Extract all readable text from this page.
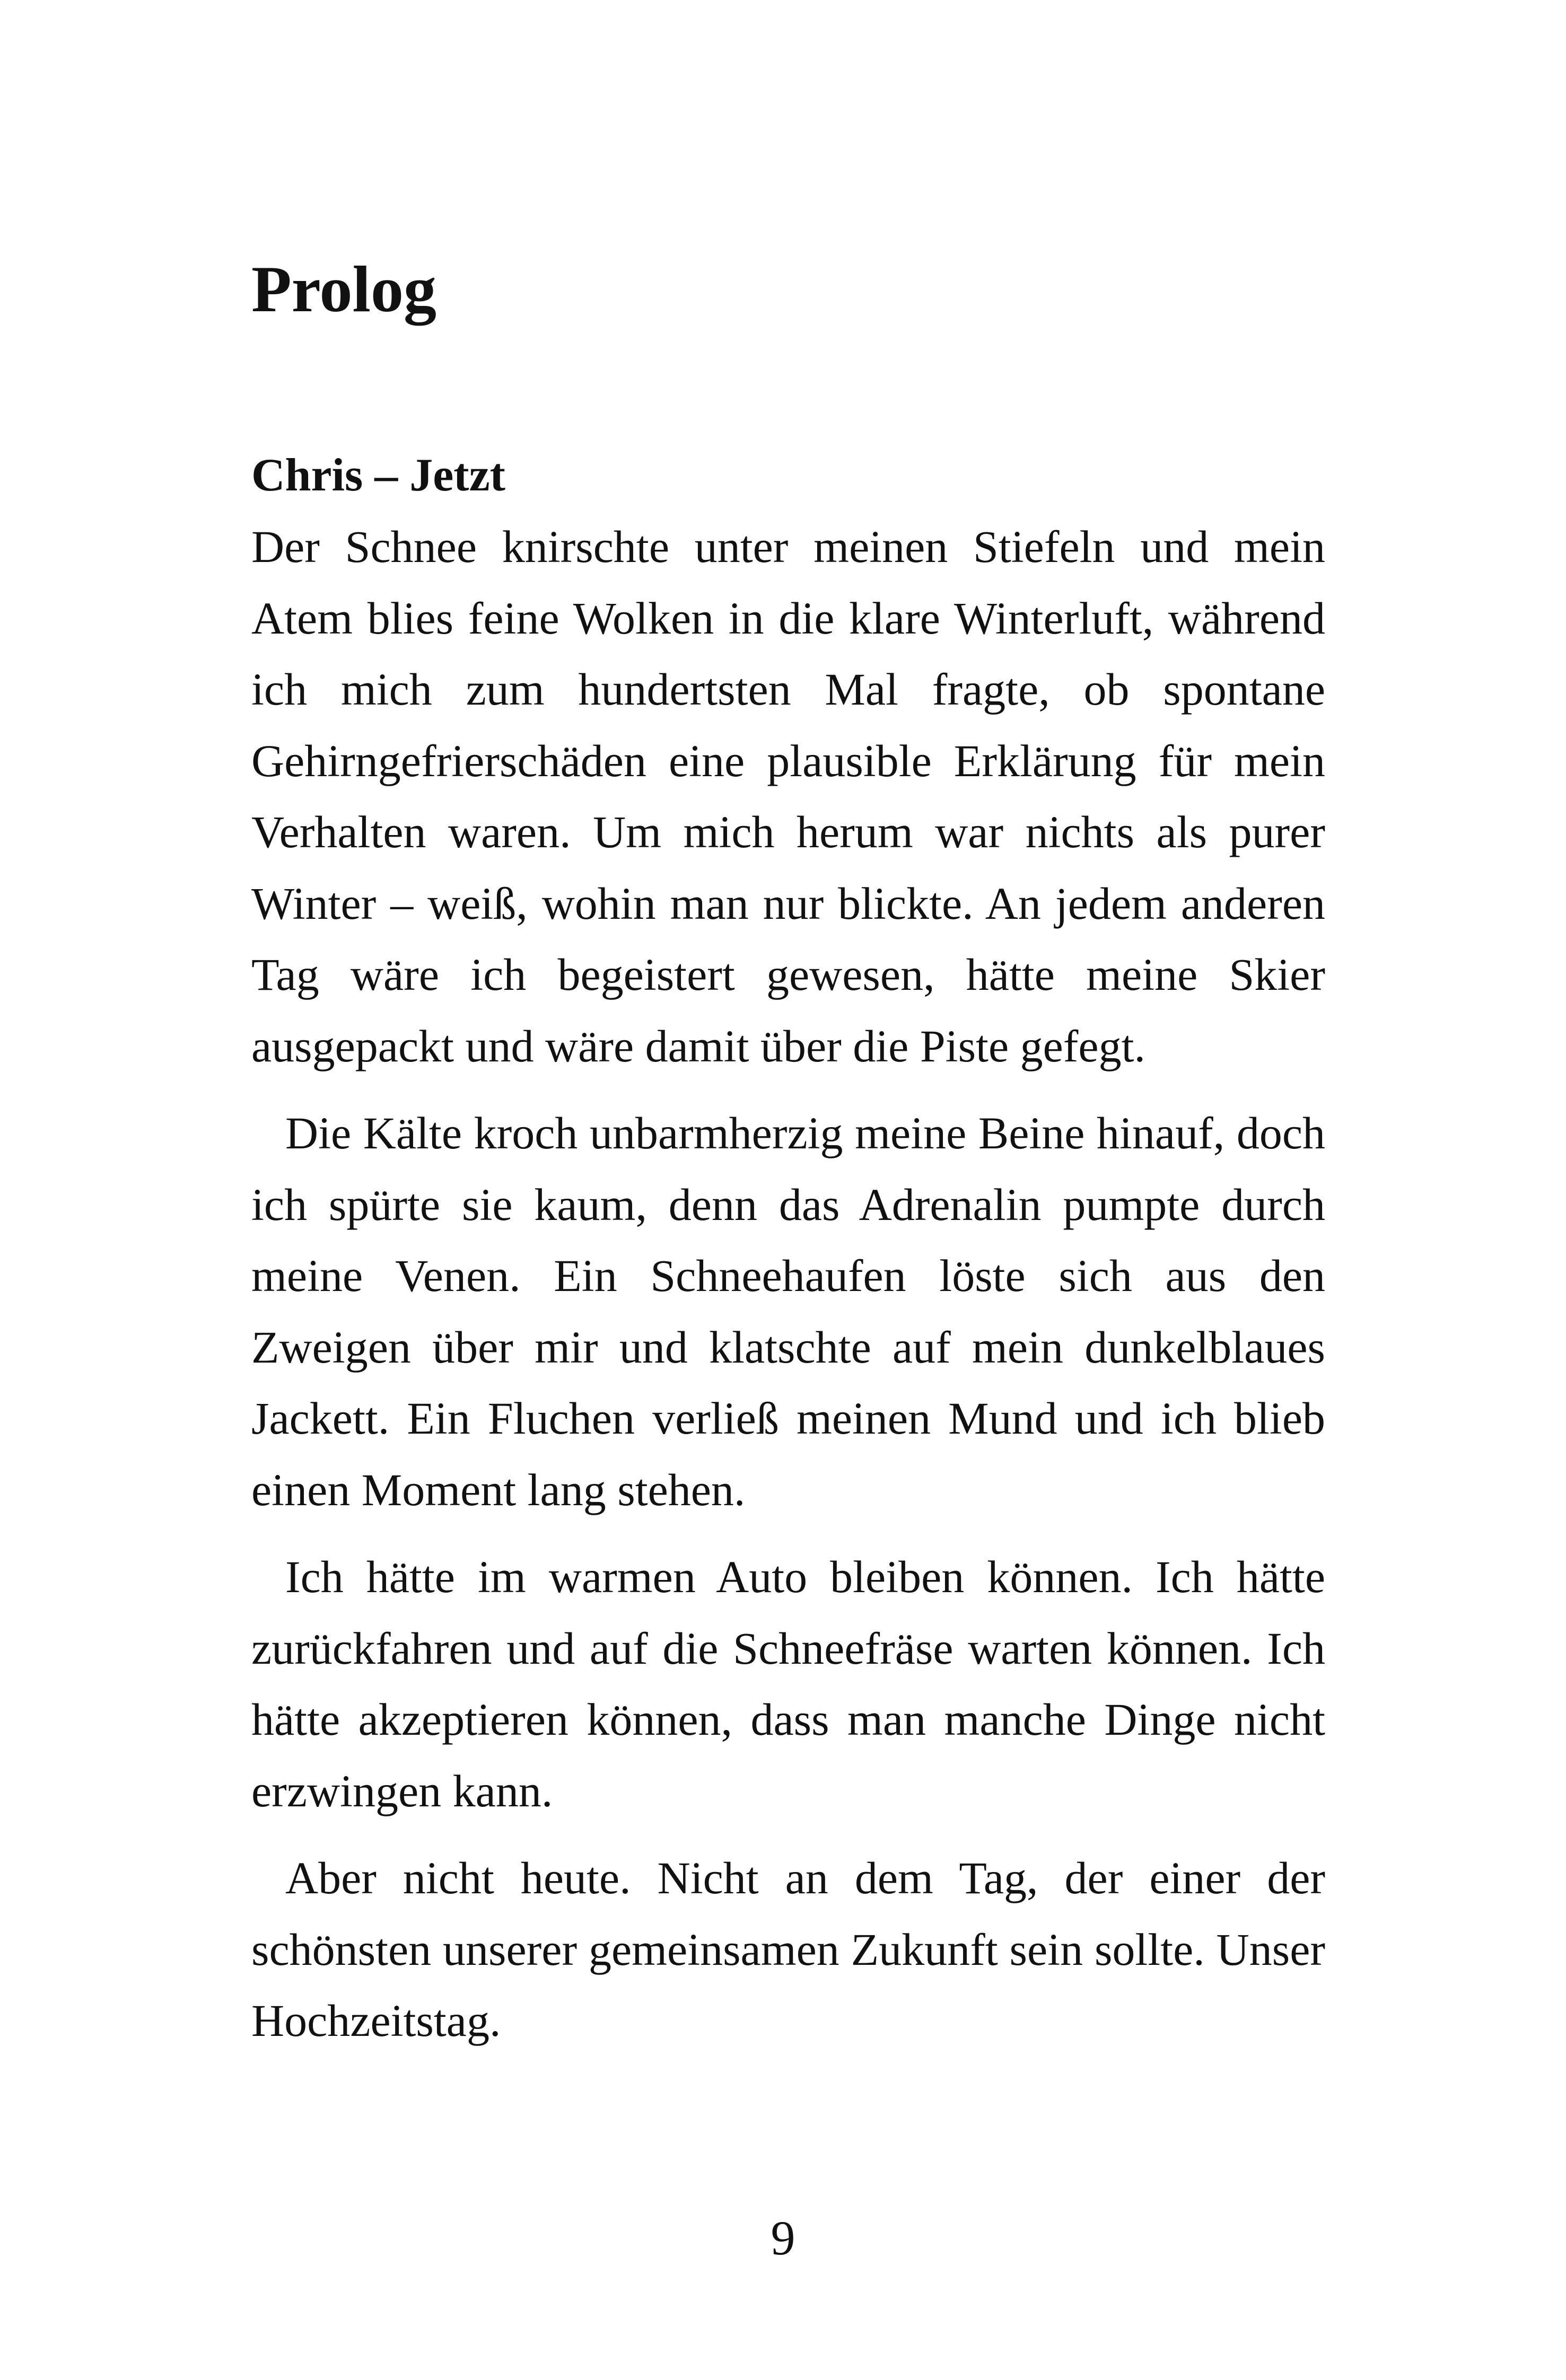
Prolog
Chris – Jetzt

Der Schnee knirschte unter meinen Stiefeln und mein Atem blies feine Wolken in die klare Winterluft, während ich mich zum hundertsten Mal fragte, ob spontane Gehirngefrierschäden eine plausible Erklärung für mein Verhalten waren. Um mich herum war nichts als purer Winter – weiß, wohin man nur blickte. An jedem anderen Tag wäre ich begeistert gewesen, hätte meine Skier ausgepackt und wäre damit über die Piste gefegt.

Die Kälte kroch unbarmherzig meine Beine hinauf, doch ich spürte sie kaum, denn das Adrenalin pumpte durch meine Venen. Ein Schneehaufen löste sich aus den Zweigen über mir und klatschte auf mein dunkelblaues Jackett. Ein Fluchen verließ meinen Mund und ich blieb einen Moment lang stehen.

Ich hätte im warmen Auto bleiben können. Ich hätte zurückfahren und auf die Schneefräse warten können. Ich hätte akzeptieren können, dass man manche Dinge nicht erzwingen kann.

Aber nicht heute. Nicht an dem Tag, der einer der schönsten unserer gemeinsamen Zukunft sein sollte. Unser Hochzeitstag.

9
